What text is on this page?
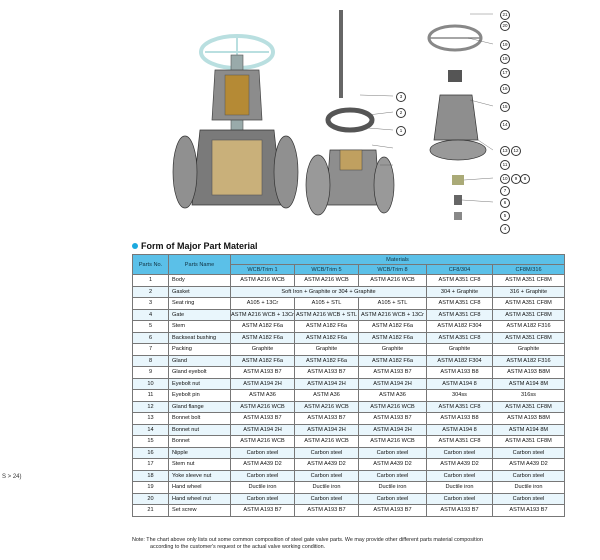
21
20
19
18
17
16
15
14
13	12
11
10	9	8
7
6
5
4
3
2
1
S > 24)
Form of Major Part Material
Parts No.	Parts Name	Materials				
		WCB/Trim 1	WCB/Trim 5	WCB/Trim 8	CF8/304	CF8M/316
1	Body	ASTM A216 WCB	ASTM A216 WCB	ASTM A216 WCB	ASTM A351 CF8	ASTM A351 CF8M
2	Gasket	Soft Iron + Graphite or 304 + Graphite			304 + Graphite	316 + Graphite
3	Seat ring	A105 + 13Cr	A105 + STL	A105 + STL	ASTM A351 CF8	ASTM A351 CF8M
4	Gate	ASTM A216 WCB + 13Cr	ASTM A216 WCB + STL	ASTM A216 WCB + 13Cr	ASTM A351 CF8	ASTM A351 CF8M
5	Stem	ASTM A182 F6a	ASTM A182 F6a	ASTM A182 F6a	ASTM A182 F304	ASTM A182 F316
6	Backseat bushing	ASTM A182 F6a	ASTM A182 F6a	ASTM A182 F6a	ASTM A351 CF8	ASTM A351 CF8M
7	Packing	Graphite	Graphite	Graphite	Graphite	Graphite
8	Gland	ASTM A182 F6a	ASTM A182 F6a	ASTM A182 F6a	ASTM A182 F304	ASTM A182 F316
9	Gland eyebolt	ASTM A193 B7	ASTM A193 B7	ASTM A193 B7	ASTM A193 B8	ASTM A193 B8M
10	Eyebolt nut	ASTM A194 2H	ASTM A194 2H	ASTM A194 2H	ASTM A194 8	ASTM A194 8M
11	Eyebolt pin	ASTM A36	ASTM A36	ASTM A36	304ss	316ss
12	Gland flange	ASTM A216 WCB	ASTM A216 WCB	ASTM A216 WCB	ASTM A351 CF8	ASTM A351 CF8M
13	Bonnet bolt	ASTM A193 B7	ASTM A193 B7	ASTM A193 B7	ASTM A193 B8	ASTM A193 B8M
14	Bonnet nut	ASTM A194 2H	ASTM A194 2H	ASTM A194 2H	ASTM A194 8	ASTM A194 8M
15	Bonnet	ASTM A216 WCB	ASTM A216 WCB	ASTM A216 WCB	ASTM A351 CF8	ASTM A351 CF8M
16	Nipple	Carbon steel	Carbon steel	Carbon steel	Carbon steel	Carbon steel
17	Stem nut	ASTM A439 D2	ASTM A439 D2	ASTM A439 D2	ASTM A439 D2	ASTM A439 D2
18	Yoke sleeve nut	Carbon steel	Carbon steel	Carbon steel	Carbon steel	Carbon steel
19	Hand wheel	Ductile iron	Ductile iron	Ductile iron	Ductile iron	Ductile iron
20	Hand wheel nut	Carbon steel	Carbon steel	Carbon steel	Carbon steel	Carbon steel
21	Set screw	ASTM A193 B7	ASTM A193 B7	ASTM A193 B7	ASTM A193 B7	ASTM A193 B7
Note: The chart above only lists out some common composition of steel gate valve parts. We may provide other different parts material composition
according to the customer's request or the actual valve working condition.
